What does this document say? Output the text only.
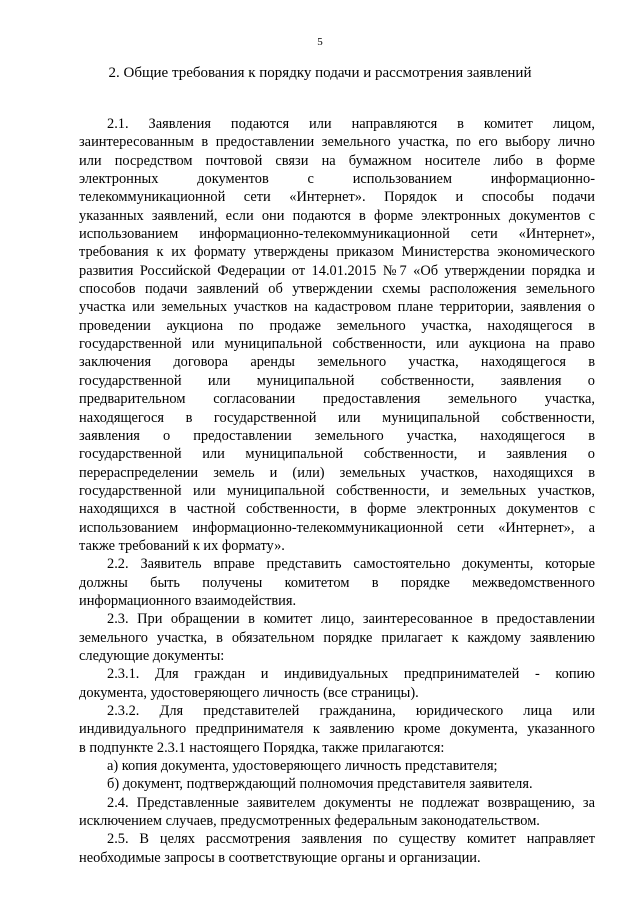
5
2. Общие требования к порядку подачи и рассмотрения заявлений
2.1. Заявления подаются или направляются в комитет лицом,
заинтересованным в предоставлении земельного участка, по его выбору лично
или посредством почтовой связи на бумажном носителе либо в форме
электронных документов с использованием информационно-
телекоммуникационной сети «Интернет». Порядок и способы подачи
указанных заявлений, если они подаются в форме электронных документов с
использованием информационно-телекоммуникационной сети «Интернет»,
требования к их формату утверждены приказом Министерства экономического
развития Российской Федерации от 14.01.2015 №7 «Об утверждении порядка и
способов подачи заявлений об утверждении схемы расположения земельного
участка или земельных участков на кадастровом плане территории, заявления о
проведении аукциона по продаже земельного участка, находящегося в
государственной или муниципальной собственности, или аукциона на право
заключения договора аренды земельного участка, находящегося в
государственной или муниципальной собственности, заявления о
предварительном согласовании предоставления земельного участка,
находящегося в государственной или муниципальной собственности,
заявления о предоставлении земельного участка, находящегося в
государственной или муниципальной собственности, и заявления о
перераспределении земель и (или) земельных участков, находящихся в
государственной или муниципальной собственности, и земельных участков,
находящихся в частной собственности, в форме электронных документов с
использованием информационно-телекоммуникационной сети «Интернет», а
также требований к их формату».
2.2. Заявитель вправе представить самостоятельно документы, которые
должны быть получены комитетом в порядке межведомственного
информационного взаимодействия.
2.3. При обращении в комитет лицо, заинтересованное в предоставлении
земельного участка, в обязательном порядке прилагает к каждому заявлению
следующие документы:
2.3.1. Для граждан и индивидуальных предпринимателей - копию
документа, удостоверяющего личность (все страницы).
2.3.2. Для представителей гражданина, юридического лица или
индивидуального предпринимателя к заявлению кроме документа, указанного
в подпункте 2.3.1 настоящего Порядка, также прилагаются:
а) копия документа, удостоверяющего личность представителя;
б) документ, подтверждающий полномочия представителя заявителя.
2.4. Представленные заявителем документы не подлежат возвращению, за
исключением случаев, предусмотренных федеральным законодательством.
2.5. В целях рассмотрения заявления по существу комитет направляет
необходимые запросы в соответствующие органы и организации.
